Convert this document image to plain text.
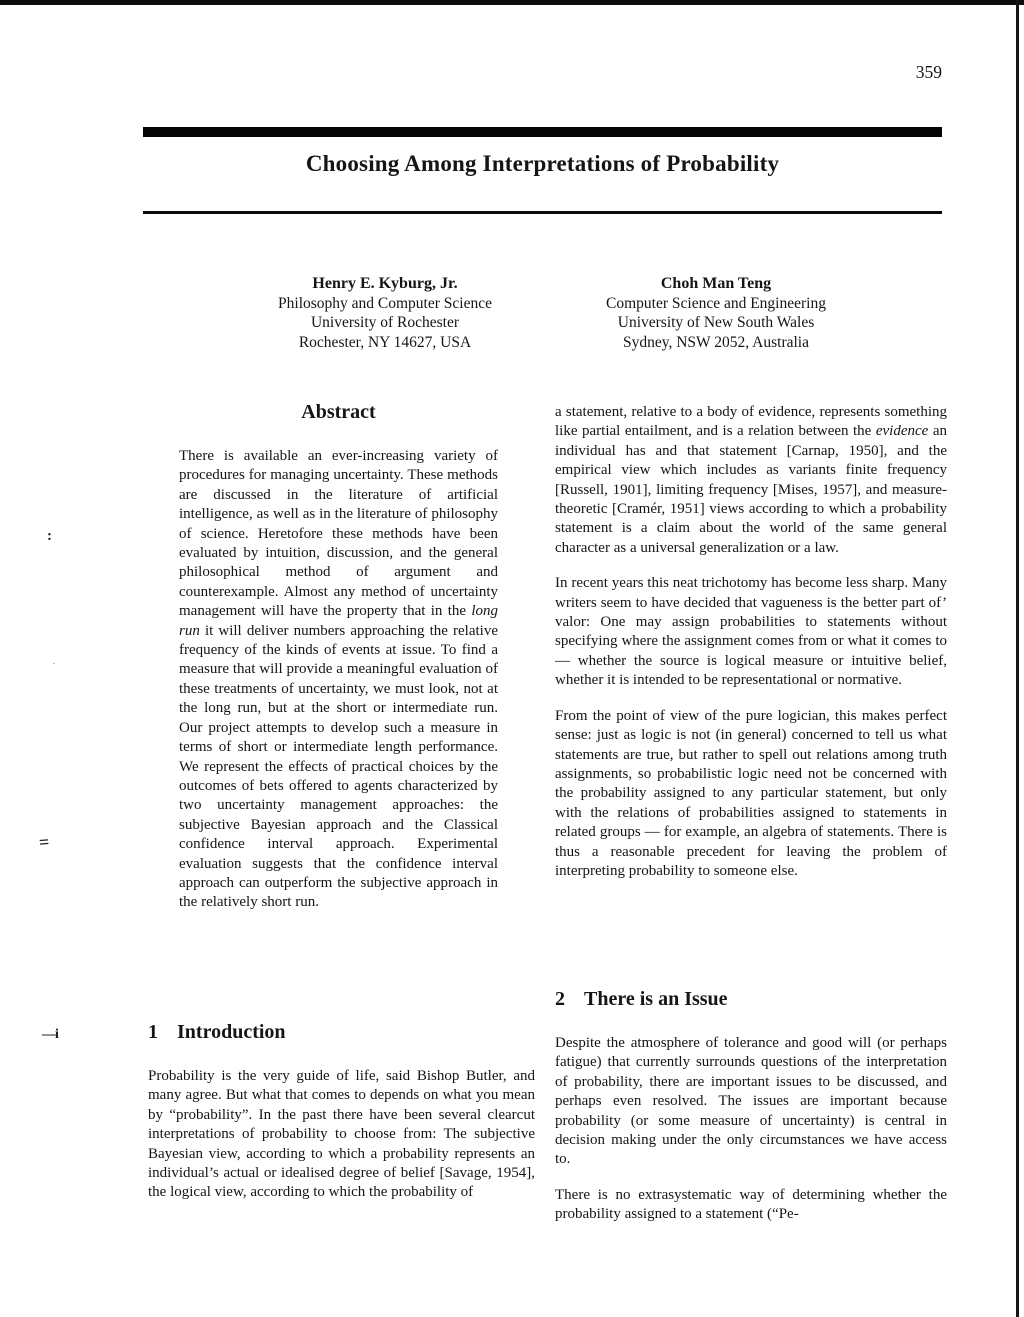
:
·
=
—i
359
Choosing Among Interpretations of Probability
Henry E. Kyburg, Jr.
Philosophy and Computer Science
University of Rochester
Rochester, NY 14627, USA
Choh Man Teng
Computer Science and Engineering
University of New South Wales
Sydney, NSW 2052, Australia
Abstract

There is available an ever-increasing variety of procedures for managing uncertainty. These methods are discussed in the literature of artificial intelligence, as well as in the literature of philosophy of science. Heretofore these methods have been evaluated by intuition, discussion, and the general philosophical method of argument and counterexample. Almost any method of uncertainty management will have the property that in the long run it will deliver numbers approaching the relative frequency of the kinds of events at issue. To find a measure that will provide a meaningful evaluation of these treatments of uncertainty, we must look, not at the long run, but at the short or intermediate run. Our project attempts to develop such a measure in terms of short or intermediate length performance. We represent the effects of practical choices by the outcomes of bets offered to agents characterized by two uncertainty management approaches: the subjective Bayesian approach and the Classical confidence interval approach. Experimental evaluation suggests that the confidence interval approach can outperform the subjective approach in the relatively short run.

1 Introduction

Probability is the very guide of life, said Bishop Butler, and many agree. But what that comes to depends on what you mean by “probability”. In the past there have been several clearcut interpretations of probability to choose from: The subjective Bayesian view, according to which a probability represents an individual’s actual or idealised degree of belief [Savage, 1954], the logical view, according to which the probability of

a statement, relative to a body of evidence, represents something like partial entailment, and is a relation between the evidence an individual has and that statement [Carnap, 1950], and the empirical view which includes as variants finite frequency [Russell, 1901], limiting frequency [Mises, 1957], and measure-theoretic [Cramér, 1951] views according to which a probability statement is a claim about the world of the same general character as a universal generalization or a law.

In recent years this neat trichotomy has become less sharp. Many writers seem to have decided that vagueness is the better part of’ valor: One may assign probabilities to statements without specifying where the assignment comes from or what it comes to — whether the source is logical measure or intuitive belief, whether it is intended to be representational or normative.

From the point of view of the pure logician, this makes perfect sense: just as logic is not (in general) concerned to tell us what statements are true, but rather to spell out relations among truth assignments, so probabilistic logic need not be concerned with the probability assigned to any particular statement, but only with the relations of probabilities assigned to statements in related groups — for example, an algebra of statements. There is thus a reasonable precedent for leaving the problem of interpreting probability to someone else.

2 There is an Issue

Despite the atmosphere of tolerance and good will (or perhaps fatigue) that currently surrounds questions of the interpretation of probability, there are important issues to be discussed, and perhaps even resolved. The issues are important because probability (or some measure of uncertainty) is central in decision making under the only circumstances we have access to.

There is no extrasystematic way of determining whether the probability assigned to a statement (“Pe-
